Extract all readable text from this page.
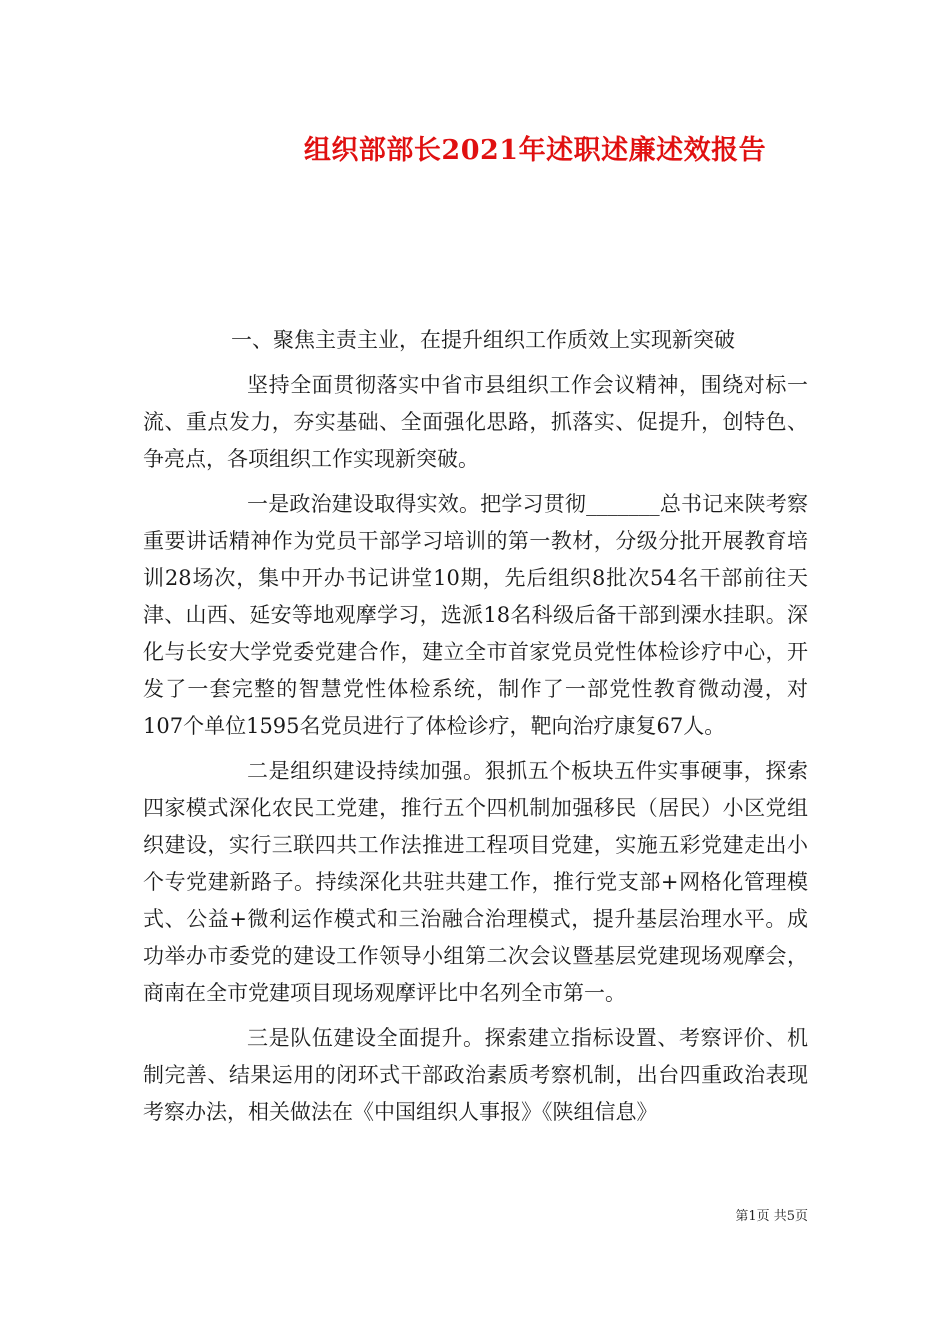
组织部部长2021年述职述廉述效报告

一、聚焦主责主业，在提升组织工作质效上实现新突破

坚持全面贯彻落实中省市县组织工作会议精神，围绕对标一流、重点发力，夯实基础、全面强化思路，抓落实、促提升，创特色、争亮点，各项组织工作实现新突破。

一是政治建设取得实效。把学习贯彻_______总书记来陕考察重要讲话精神作为党员干部学习培训的第一教材，分级分批开展教育培训28场次，集中开办书记讲堂10期，先后组织8批次54名干部前往天津、山西、延安等地观摩学习，选派18名科级后备干部到溧水挂职。深化与长安大学党委党建合作，建立全市首家党员党性体检诊疗中心，开发了一套完整的智慧党性体检系统，制作了一部党性教育微动漫，对107个单位1595名党员进行了体检诊疗，靶向治疗康复67人。

二是组织建设持续加强。狠抓五个板块五件实事硬事，探索四家模式深化农民工党建，推行五个四机制加强移民（居民）小区党组织建设，实行三联四共工作法推进工程项目党建，实施五彩党建走出小个专党建新路子。持续深化共驻共建工作，推行党支部+网格化管理模式、公益+微利运作模式和三治融合治理模式，提升基层治理水平。成功举办市委党的建设工作领导小组第二次会议暨基层党建现场观摩会，商南在全市党建项目现场观摩评比中名列全市第一。

三是队伍建设全面提升。探索建立指标设置、考察评价、机制完善、结果运用的闭环式干部政治素质考察机制，出台四重政治表现考察办法，相关做法在《中国组织人事报》《陕组信息》

第1页 共5页
